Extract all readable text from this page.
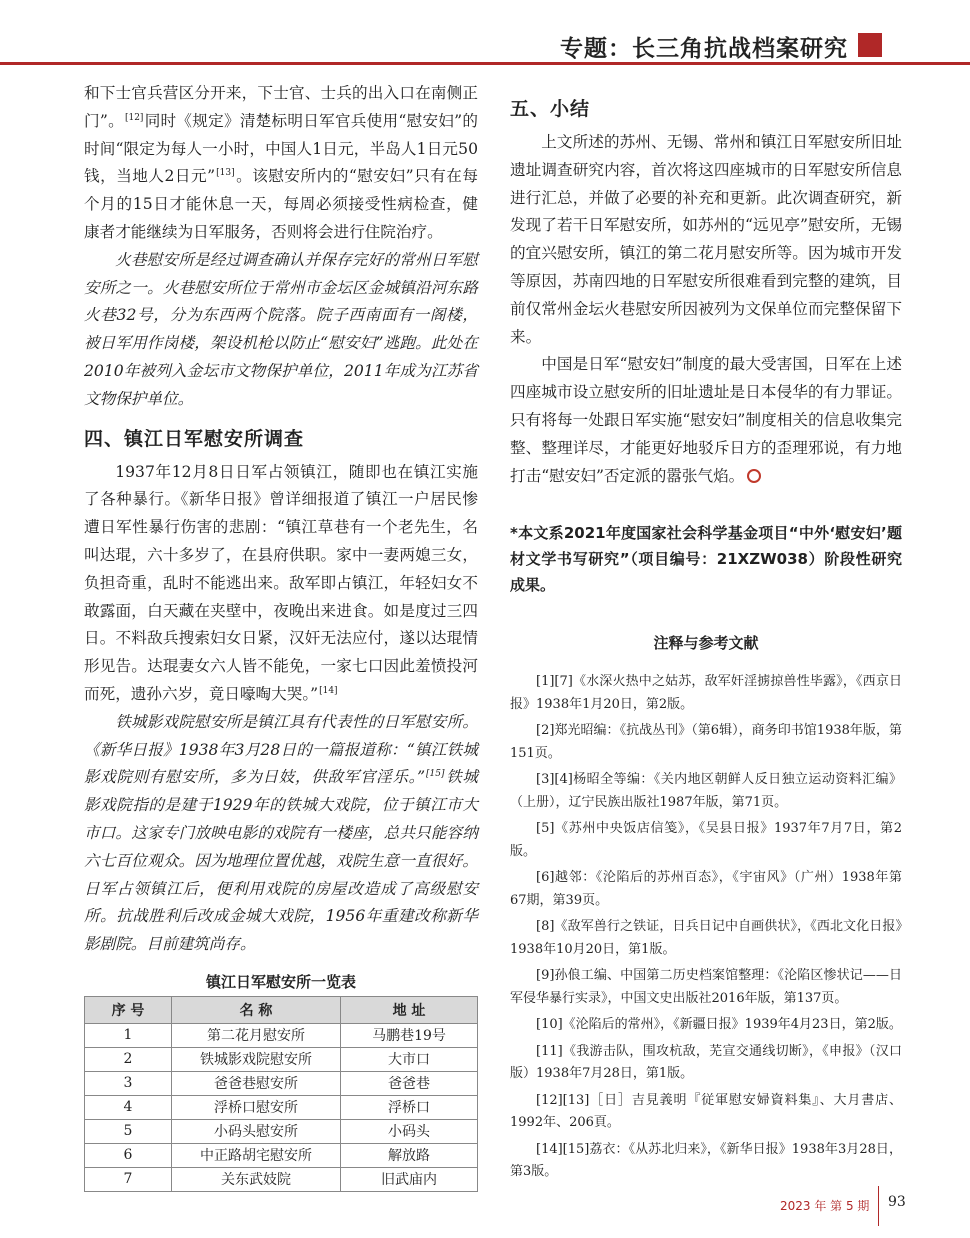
专题：长三角抗战档案研究

和下士官兵营区分开来，下士官、士兵的出入口在南侧正门”。[12]同时《规定》清楚标明日军官兵使用“慰安妇”的时间“限定为每人一小时，中国人1日元，半岛人1日元50钱，当地人2日元”[13]。该慰安所内的“慰安妇”只有在每个月的15日才能休息一天，每周必须接受性病检查，健康者才能继续为日军服务，否则将会进行住院治疗。

火巷慰安所是经过调查确认并保存完好的常州日军慰安所之一。火巷慰安所位于常州市金坛区金城镇沿河东路火巷32号，分为东西两个院落。院子西南面有一阁楼，被日军用作岗楼，架设机枪以防止“慰安妇”逃跑。此处在2010年被列入金坛市文物保护单位，2011年成为江苏省文物保护单位。

四、镇江日军慰安所调查

1937年12月8日日军占领镇江，随即也在镇江实施了各种暴行。《新华日报》曾详细报道了镇江一户居民惨遭日军性暴行伤害的悲剧：“镇江草巷有一个老先生，名叫达琨，六十多岁了，在县府供职。家中一妻两媳三女，负担奇重，乱时不能逃出来。敌军即占镇江，年轻妇女不敢露面，白天藏在夹壁中，夜晚出来进食。如是度过三四日。不料敌兵搜索妇女日紧，汉奸无法应付，遂以达琨情形见告。达琨妻女六人皆不能免，一家七口因此羞愤投河而死，遗孙六岁，竟日嚎啕大哭。”[14]

铁城影戏院慰安所是镇江具有代表性的日军慰安所。《新华日报》1938年3月28日的一篇报道称：“镇江铁城影戏院则有慰安所，多为日妓，供敌军官淫乐。”[15]铁城影戏院指的是建于1929年的铁城大戏院，位于镇江市大市口。这家专门放映电影的戏院有一楼座，总共只能容纳六七百位观众。因为地理位置优越，戏院生意一直很好。日军占领镇江后，便利用戏院的房屋改造成了高级慰安所。抗战胜利后改成金城大戏院，1956年重建改称新华影剧院。目前建筑尚存。

镇江日军慰安所一览表
序 号	名 称	地 址
1	第二花月慰安所	马鹏巷19号
2	铁城影戏院慰安所	大市口
3	爸爸巷慰安所	爸爸巷
4	浮桥口慰安所	浮桥口
5	小码头慰安所	小码头
6	中正路胡宅慰安所	解放路
7	关东武妓院	旧武庙内
五、小结

上文所述的苏州、无锡、常州和镇江日军慰安所旧址遗址调查研究内容，首次将这四座城市的日军慰安所信息进行汇总，并做了必要的补充和更新。此次调查研究，新发现了若干日军慰安所，如苏州的“远见亭”慰安所，无锡的宜兴慰安所，镇江的第二花月慰安所等。因为城市开发等原因，苏南四地的日军慰安所很难看到完整的建筑，目前仅常州金坛火巷慰安所因被列为文保单位而完整保留下来。

中国是日军“慰安妇”制度的最大受害国，日军在上述四座城市设立慰安所的旧址遗址是日本侵华的有力罪证。只有将每一处跟日军实施“慰安妇”制度相关的信息收集完整、整理详尽，才能更好地驳斥日方的歪理邪说，有力地打击“慰安妇”否定派的嚣张气焰。

*本文系2021年度国家社会科学基金项目“中外‘慰安妇’题材文学书写研究”（项目编号：21XZW038）阶段性研究成果。

注释与参考文献

[1][7]《水深火热中之姑苏，敌军奸淫掳掠兽性毕露》，《西京日报》1938年1月20日，第2版。

[2]郑光昭编：《抗战丛刊》（第6辑），商务印书馆1938年版，第151页。

[3][4]杨昭全等编：《关内地区朝鲜人反日独立运动资料汇编》（上册），辽宁民族出版社1987年版，第71页。

[5]《苏州中央饭店信笺》，《吴县日报》1937年7月7日，第2版。

[6]越邻：《沦陷后的苏州百态》，《宇宙风》（广州）1938年第67期，第39页。

[8]《敌军兽行之铁证，日兵日记中自画供状》，《西北文化日报》1938年10月20日，第1版。

[9]孙俍工编、中国第二历史档案馆整理：《沦陷区惨状记——日军侵华暴行实录》，中国文史出版社2016年版，第137页。

[10]《沦陷后的常州》，《新疆日报》1939年4月23日，第2版。

[11]《我游击队，围攻杭敌，芜宣交通线切断》，《申报》（汉口版）1938年7月28日，第1版。

[12][13]［日］吉見義明『従軍慰安婦資料集』、大月書店、1992年、206頁。

[14][15]荔衣：《从苏北归来》，《新华日报》1938年3月28日，第3版。

2023 年 第 5 期 93
